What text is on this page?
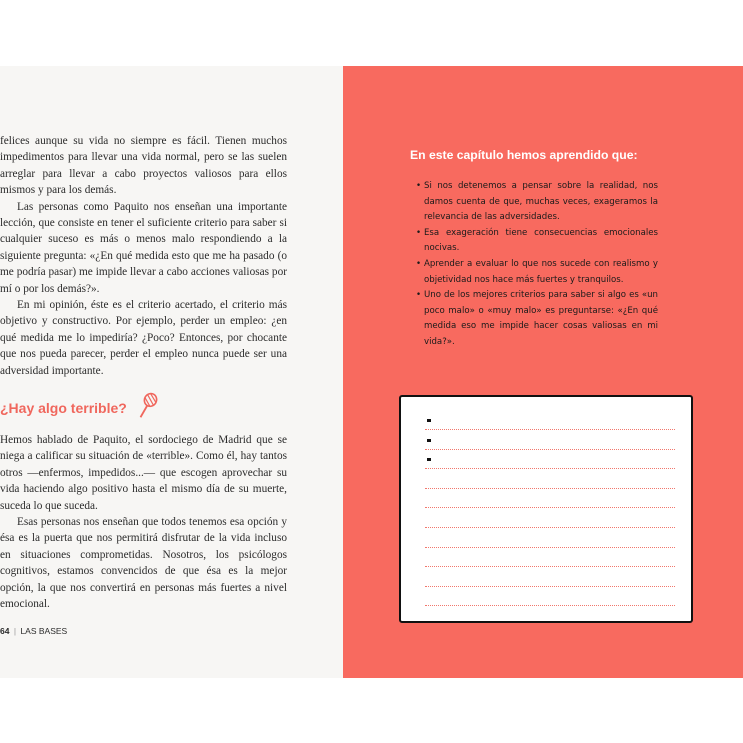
felices aunque su vida no siempre es fácil. Tienen muchos impedimentos para llevar una vida normal, pero se las suelen arreglar para llevar a cabo proyectos valiosos para ellos mismos y para los demás.

Las personas como Paquito nos enseñan una importante lección, que consiste en tener el suficiente criterio para saber si cualquier suceso es más o menos malo respondiendo a la siguiente pregunta: «¿En qué medida esto que me ha pasado (o me podría pasar) me impide llevar a cabo acciones valiosas por mí o por los demás?».

En mi opinión, éste es el criterio acertado, el criterio más objetivo y constructivo. Por ejemplo, perder un empleo: ¿en qué medida me lo impediría? ¿Poco? Entonces, por chocante que nos pueda parecer, perder el empleo nunca puede ser una adversidad importante.

¿Hay algo terrible?

Hemos hablado de Paquito, el sordociego de Madrid que se niega a calificar su situación de «terrible». Como él, hay tantos otros —enfermos, impedidos...— que escogen aprovechar su vida haciendo algo positivo hasta el mismo día de su muerte, suceda lo que suceda.

Esas personas nos enseñan que todos tenemos esa opción y ésa es la puerta que nos permitirá disfrutar de la vida incluso en situaciones comprometidas. Nosotros, los psicólogos cognitivos, estamos convencidos de que ésa es la mejor opción, la que nos convertirá en personas más fuertes a nivel emocional.

64 | LAS BASES
En este capítulo hemos aprendido que:
• Si nos detenemos a pensar sobre la realidad, nos damos cuenta de que, muchas veces, exageramos la relevancia de las adversidades.
• Esa exageración tiene consecuencias emocionales nocivas.
• Aprender a evaluar lo que nos sucede con realismo y objetividad nos hace más fuertes y tranquilos.
• Uno de los mejores criterios para saber si algo es «un poco malo» o «muy malo» es preguntarse: «¿En qué medida eso me impide hacer cosas valiosas en mi vida?».
